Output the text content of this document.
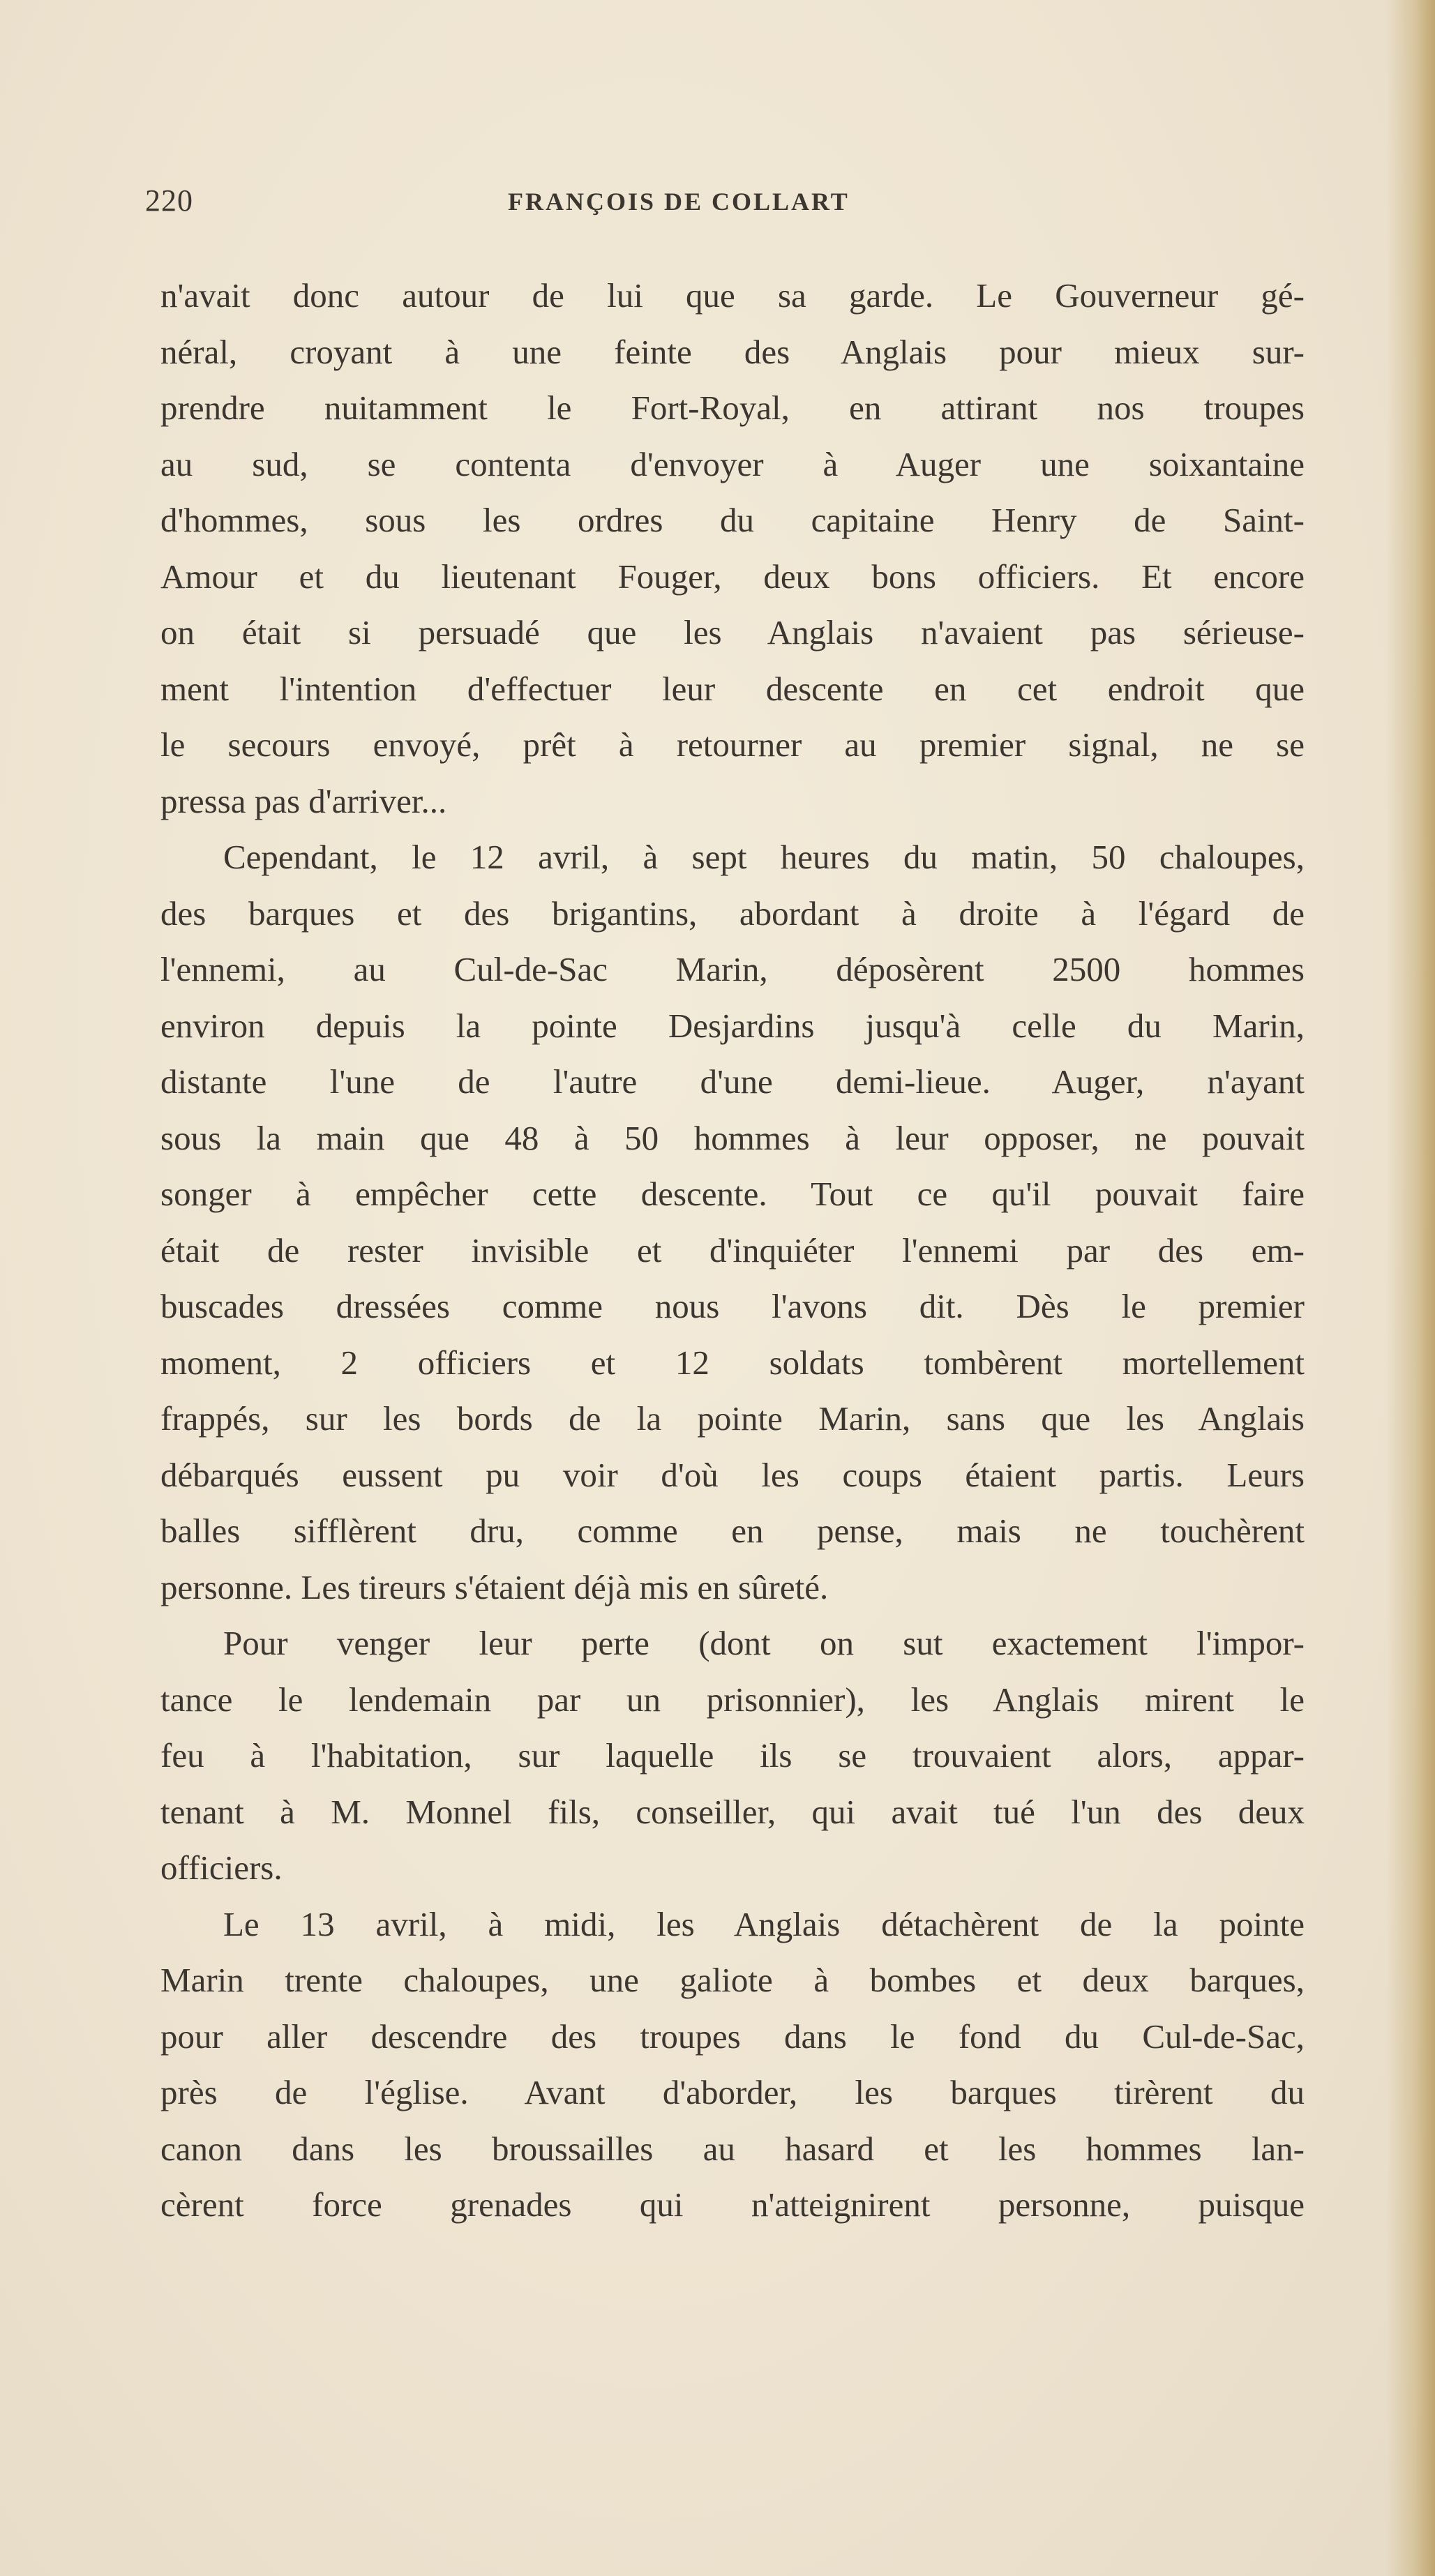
220	FRANÇOIS DE COLLART
n'avait donc autour de lui que sa garde. Le Gouverneur gé-
néral, croyant à une feinte des Anglais pour mieux sur-
prendre nuitamment le Fort-Royal, en attirant nos troupes
au sud, se contenta d'envoyer à Auger une soixantaine
d'hommes, sous les ordres du capitaine Henry de Saint-
Amour et du lieutenant Fouger, deux bons officiers. Et encore
on était si persuadé que les Anglais n'avaient pas sérieuse-
ment l'intention d'effectuer leur descente en cet endroit que
le secours envoyé, prêt à retourner au premier signal, ne se
pressa pas d'arriver...
Cependant, le 12 avril, à sept heures du matin, 50 chaloupes,
des barques et des brigantins, abordant à droite à l'égard de
l'ennemi, au Cul-de-Sac Marin, déposèrent 2500 hommes
environ depuis la pointe Desjardins jusqu'à celle du Marin,
distante l'une de l'autre d'une demi-lieue. Auger, n'ayant
sous la main que 48 à 50 hommes à leur opposer, ne pouvait
songer à empêcher cette descente. Tout ce qu'il pouvait faire
était de rester invisible et d'inquiéter l'ennemi par des em-
buscades dressées comme nous l'avons dit. Dès le premier
moment, 2 officiers et 12 soldats tombèrent mortellement
frappés, sur les bords de la pointe Marin, sans que les Anglais
débarqués eussent pu voir d'où les coups étaient partis. Leurs
balles sifflèrent dru, comme en pense, mais ne touchèrent
personne. Les tireurs s'étaient déjà mis en sûreté.
Pour venger leur perte (dont on sut exactement l'impor-
tance le lendemain par un prisonnier), les Anglais mirent le
feu à l'habitation, sur laquelle ils se trouvaient alors, appar-
tenant à M. Monnel fils, conseiller, qui avait tué l'un des deux
officiers.
Le 13 avril, à midi, les Anglais détachèrent de la pointe
Marin trente chaloupes, une galiote à bombes et deux barques,
pour aller descendre des troupes dans le fond du Cul-de-Sac,
près de l'église. Avant d'aborder, les barques tirèrent du
canon dans les broussailles au hasard et les hommes lan-
cèrent force grenades qui n'atteignirent personne, puisque
